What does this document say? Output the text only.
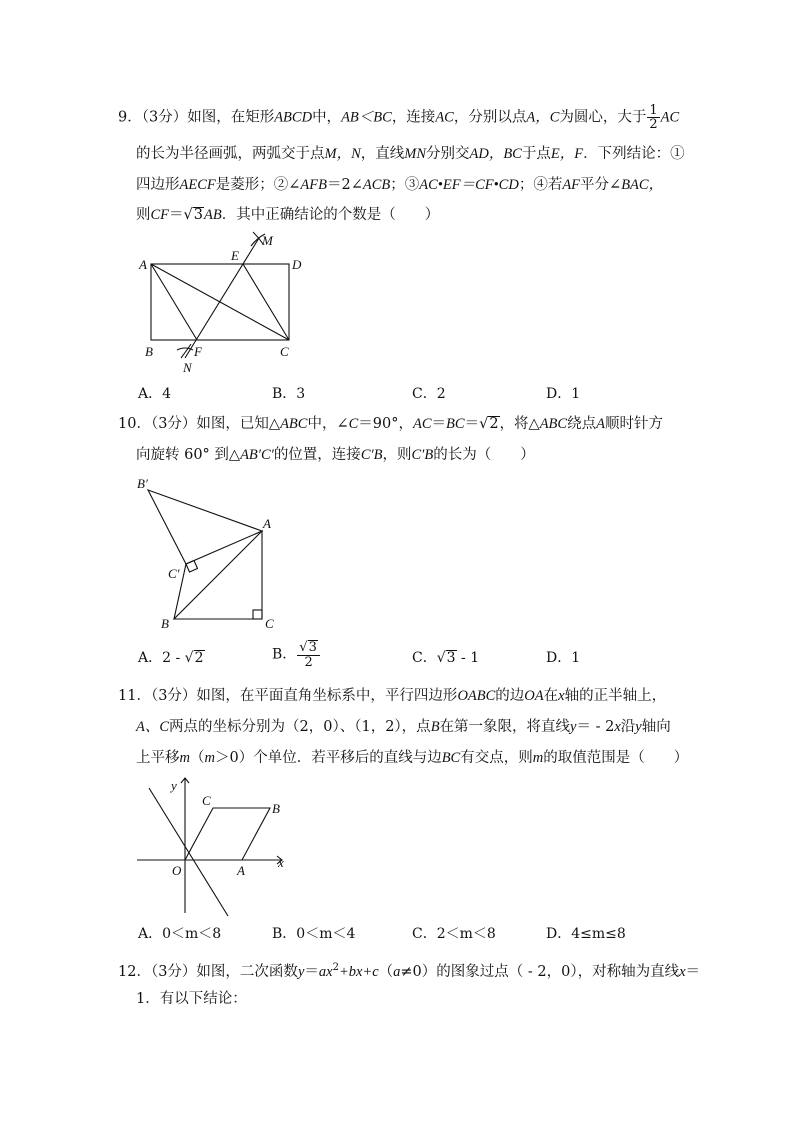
9．（3分）如图，在矩形ABCD中，AB＜BC，连接AC，分别以点A，C为圆心，大于 $\frac{1}{2}$ AC
的长为半径画弧，两弧交于点M，N，直线MN分别交AD，BC于点E，F．下列结论：①
四边形AECF是菱形；②∠AFB＝2∠ACB；③AC•EF＝CF•CD；④若AF平分∠BAC，
则CF＝√3AB．其中正确结论的个数是（　　）
A
B	C
D
E
F
M
N
A．4	B．3	C．2	D．1
10．（3分）如图，已知△ABC中，∠C＝90°，AC＝BC＝√2，将△ABC绕点A顺时针方
向旋转 60° 到△AB′C′的位置，连接C′B，则C′B的长为（　　）
B′
A
C′
B	C
A．2 - √2	B． $\frac{√3}{2}$	C．√3 - 1	D．1
11．（3分）如图，在平面直角坐标系中，平行四边形OABC的边OA在x轴的正半轴上，
A、C两点的坐标分别为（2，0）、（1，2），点B在第一象限，将直线y＝ - 2x沿y轴向
上平移m（m＞0）个单位．若平移后的直线与边BC有交点，则m的取值范围是（　　）
y
x
O	A
B
C
A．0＜m＜8	B．0＜m＜4	C．2＜m＜8	D．4≤m≤8
12．（3分）如图，二次函数$y=ax^2+bx+c(a\ne 0)$的图象过点（ - 2，0），对称轴为直线x＝
1．有以下结论：
